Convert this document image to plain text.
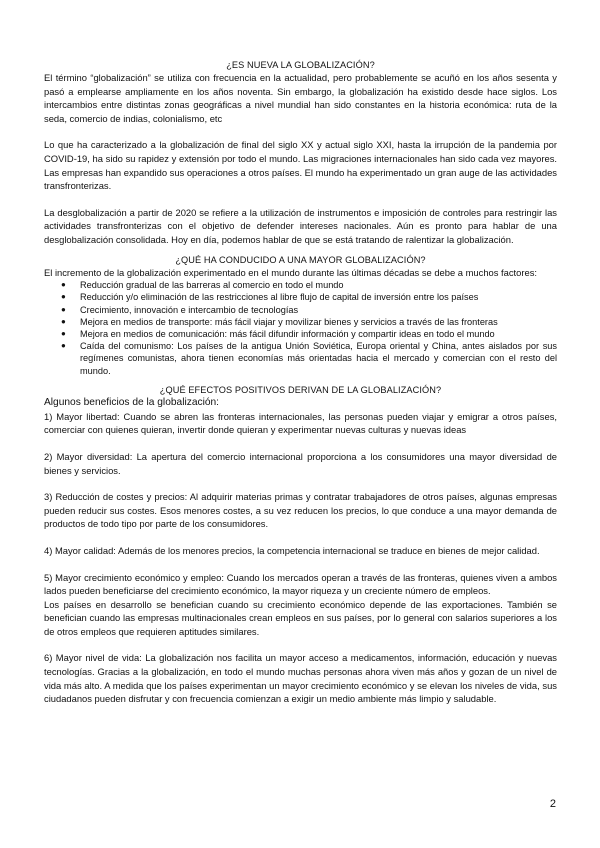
¿ES NUEVA LA GLOBALIZACIÓN?

El término “globalización” se utiliza con frecuencia en la actualidad, pero probablemente se acuñó en los años sesenta y pasó a emplearse ampliamente en los años noventa. Sin embargo, la globalización ha existido desde hace siglos. Los intercambios entre distintas zonas geográficas a nivel mundial han sido constantes en la historia económica: ruta de la seda, comercio de indias, colonialismo, etc

Lo que ha caracterizado a la globalización de final del siglo XX y actual siglo XXI, hasta la irrupción de la pandemia por COVID-19, ha sido su rapidez y extensión por todo el mundo. Las migraciones internacionales han sido cada vez mayores. Las empresas han expandido sus operaciones a otros países. El mundo ha experimentado un gran auge de las actividades transfronterizas.

La desglobalización a partir de 2020 se refiere a la utilización de instrumentos e imposición de controles para restringir las actividades transfronterizas con el objetivo de defender intereses nacionales. Aún es pronto para hablar de una desglobalización consolidada. Hoy en día, podemos hablar de que se está tratando de ralentizar la globalización.

¿QUÉ HA CONDUCIDO A UNA MAYOR GLOBALIZACIÓN?

El incremento de la globalización experimentado en el mundo durante las últimas décadas se debe a muchos factores:

● Reducción gradual de las barreras al comercio en todo el mundo
● Reducción y/o eliminación de las restricciones al libre flujo de capital de inversión entre los países
● Crecimiento, innovación e intercambio de tecnologías
● Mejora en medios de transporte: más fácil viajar y movilizar bienes y servicios a través de las fronteras
● Mejora en medios de comunicación: más fácil difundir información y compartir ideas en todo el mundo
● Caída del comunismo: Los países de la antigua Unión Soviética, Europa oriental y China, antes aislados por sus regímenes comunistas, ahora tienen economías más orientadas hacia el mercado y comercian con el resto del mundo.
¿QUÉ EFECTOS POSITIVOS DERIVAN DE LA GLOBALIZACIÓN?

Algunos beneficios de la globalización:

1) Mayor libertad: Cuando se abren las fronteras internacionales, las personas pueden viajar y emigrar a otros países, comerciar con quienes quieran, invertir donde quieran y experimentar nuevas culturas y nuevas ideas

2) Mayor diversidad: La apertura del comercio internacional proporciona a los consumidores una mayor diversidad de bienes y servicios.

3) Reducción de costes y precios: Al adquirir materias primas y contratar trabajadores de otros países, algunas empresas pueden reducir sus costes. Esos menores costes, a su vez reducen los precios, lo que conduce a una mayor demanda de productos de todo tipo por parte de los consumidores.

4) Mayor calidad: Además de los menores precios, la competencia internacional se traduce en bienes de mejor calidad.

5) Mayor crecimiento económico y empleo: Cuando los mercados operan a través de las fronteras, quienes viven a ambos lados pueden beneficiarse del crecimiento económico, la mayor riqueza y un creciente número de empleos.

Los países en desarrollo se benefician cuando su crecimiento económico depende de las exportaciones. También se benefician cuando las empresas multinacionales crean empleos en sus países, por lo general con salarios superiores a los de otros empleos que requieren aptitudes similares.

6) Mayor nivel de vida: La globalización nos facilita un mayor acceso a medicamentos, información, educación y nuevas tecnologías. Gracias a la globalización, en todo el mundo muchas personas ahora viven más años y gozan de un nivel de vida más alto. A medida que los países experimentan un mayor crecimiento económico y se elevan los niveles de vida, sus ciudadanos pueden disfrutar y con frecuencia comienzan a exigir un medio ambiente más limpio y saludable.

2
